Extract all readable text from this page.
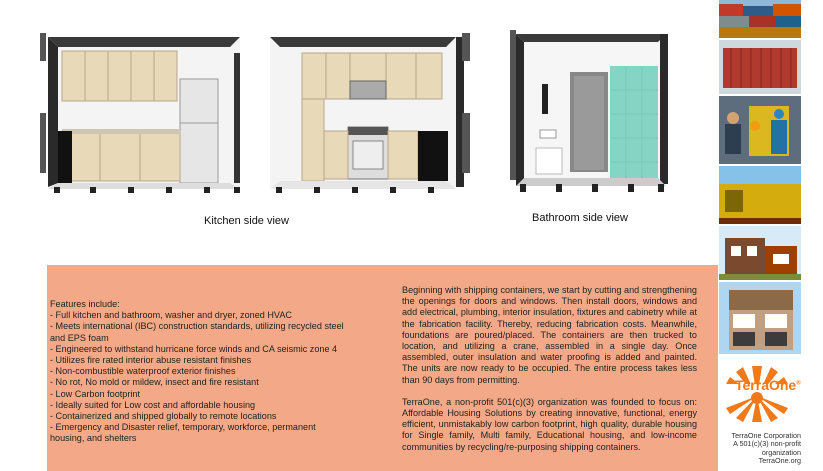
Kitchen side view	Bathroom side view
Features include:
- Full kitchen and bathroom, washer and dryer, zoned HVAC
- Meets international (IBC) construction standards, utilizing recycled steel and EPS foam
- Engineered to withstand hurricane force winds and CA seismic zone 4
- Utilizes fire rated interior abuse resistant finishes
- Non-combustible waterproof exterior finishes
- No rot, No mold or mildew, insect and fire resistant
- Low Carbon footprint
- Ideally suited for Low cost and affordable housing
- Containerized and shipped globally to remote locations
- Emergency and Disaster relief, temporary, workforce, permanent housing, and shelters

Beginning with shipping containers, we start by cutting and strengthening the openings for doors and windows. Then install doors, windows and add electrical, plumbing, interior insulation, fixtures and cabinetry while at the fabrication facility. Thereby, reducing fabrication costs. Meanwhile, foundations are poured/placed. The containers are then trucked to location, and utilizing a crane, assembled in a single day. Once assembled, outer insulation and water proofing is added and painted. The units are now ready to be occupied. The entire process takes less than 90 days from permitting.

TerraOne, a non-profit 501(c)(3) organization was founded to focus on: Affordable Housing Solutions by creating innovative, functional, energy efficient, unmistakably low carbon footprint, high quality, durable housing for Single family, Multi family, Educational housing, and low-income communities by recycling/re-purposing shipping containers.

TerraOne®
TerraOne Corporation
A 501(c)(3) non-profit
organization
TerraOne.org
